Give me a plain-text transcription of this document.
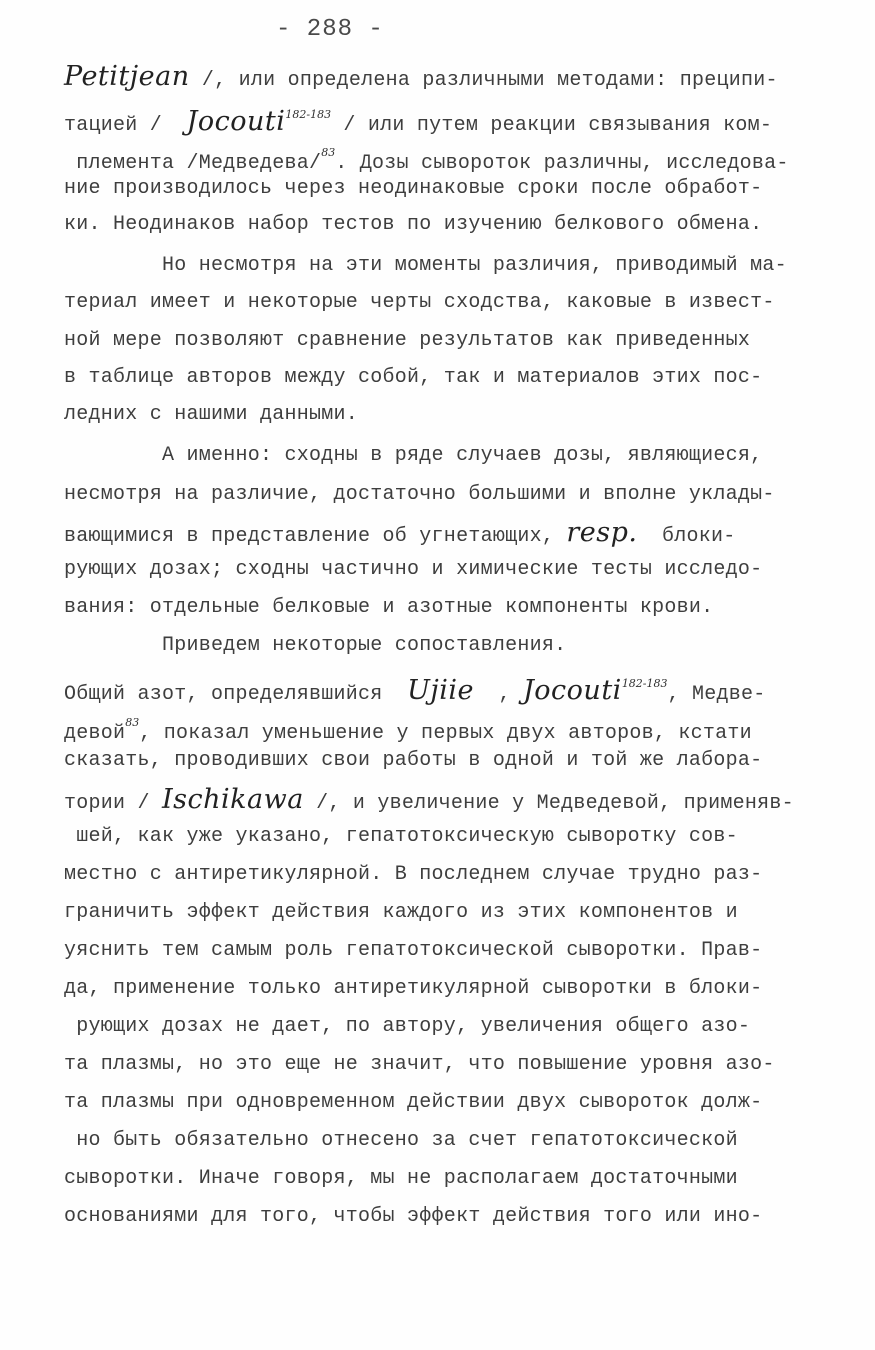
- 288 -
Petitjean /, или определена различными методами: преципи-
тацией /  Jocouti$^{182-183}$ / или путем реакции связывания ком-
племента /Медведева/$^{83}$. Дозы сывороток различны, исследова-
ние производилось через неодинаковые сроки после обработ-
ки. Неодинаков набор тестов по изучению белкового обмена.
Но несмотря на эти моменты различия, приводимый ма-
териал имеет и некоторые черты сходства, каковые в извест-
ной мере позволяют сравнение результатов как приведенных
в таблице авторов между собой, так и материалов этих пос-
ледних с нашими данными.
А именно: сходны в ряде случаев дозы, являющиеся,
несмотря на различие, достаточно большими и вполне уклады-
вающимися в представление об угнетающих, resp.  блоки-
рующих дозах; сходны частично и химические тесты исследо-
вания: отдельные белковые и азотные компоненты крови.
Приведем некоторые сопоставления.
Общий азот, определявшийся  Ujiie  , Jocouti$^{182-183}$, Медве-
девой$^{83}$, показал уменьшение у первых двух авторов, кстати
сказать, проводивших свои работы в одной и той же лабора-
тории / Ischikawa /, и увеличение у Медведевой, применяв-
шей, как уже указано, гепатотоксическую сыворотку сов-
местно с антиретикулярной. В последнем случае трудно раз-
граничить эффект действия каждого из этих компонентов и
уяснить тем самым роль гепатотоксической сыворотки. Прав-
да, применение только антиретикулярной сыворотки в блоки-
рующих дозах не дает, по автору, увеличения общего азо-
та плазмы, но это еще не значит, что повышение уровня азо-
та плазмы при одновременном действии двух сывороток долж-
но быть обязательно отнесено за счет гепатотоксической
сыворотки. Иначе говоря, мы не располагаем достаточными
основаниями для того, чтобы эффект действия того или ино-
